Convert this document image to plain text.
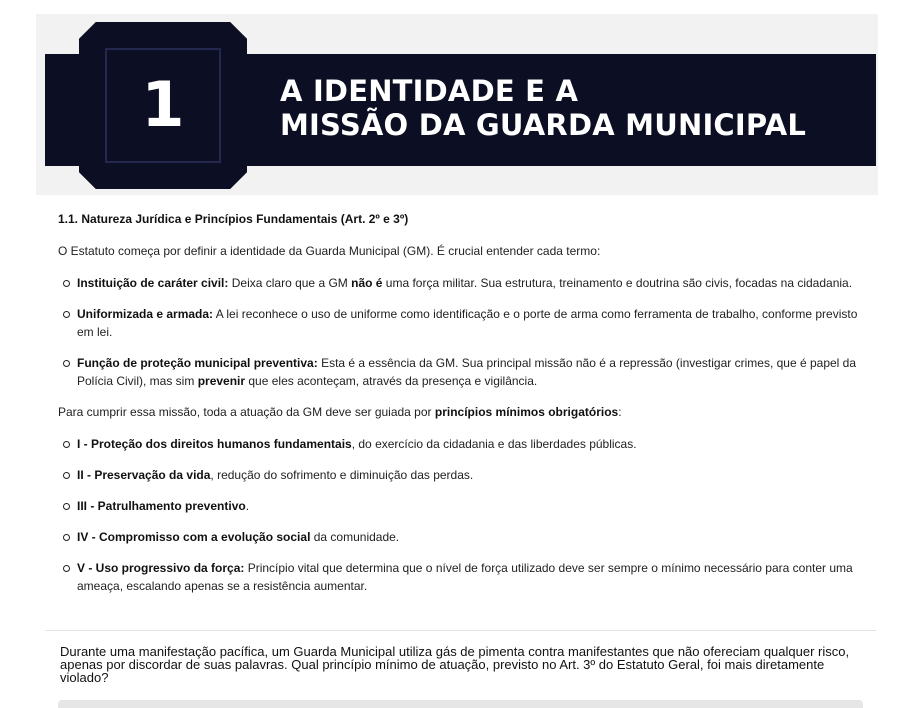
1	A IDENTIDADE E A
MISSÃO DA GUARDA MUNICIPAL
1.1. Natureza Jurídica e Princípios Fundamentais (Art. 2º e 3º)
O Estatuto começa por definir a identidade da Guarda Municipal (GM). É crucial entender cada termo:
Instituição de caráter civil: Deixa claro que a GM não é uma força militar. Sua estrutura, treinamento e doutrina são civis, focadas na cidadania.
Uniformizada e armada: A lei reconhece o uso de uniforme como identificação e o porte de arma como ferramenta de trabalho, conforme previsto em lei.
Função de proteção municipal preventiva: Esta é a essência da GM. Sua principal missão não é a repressão (investigar crimes, que é papel da Polícia Civil), mas sim prevenir que eles aconteçam, através da presença e vigilância.
Para cumprir essa missão, toda a atuação da GM deve ser guiada por princípios mínimos obrigatórios:
I - Proteção dos direitos humanos fundamentais, do exercício da cidadania e das liberdades públicas.
II - Preservação da vida, redução do sofrimento e diminuição das perdas.
III - Patrulhamento preventivo.
IV - Compromisso com a evolução social da comunidade.
V - Uso progressivo da força: Princípio vital que determina que o nível de força utilizado deve ser sempre o mínimo necessário para conter uma ameaça, escalando apenas se a resistência aumentar.
Durante uma manifestação pacífica, um Guarda Municipal utiliza gás de pimenta contra manifestantes que não ofereciam qualquer risco, apenas por discordar de suas palavras. Qual princípio mínimo de atuação, previsto no Art. 3º do Estatuto Geral, foi mais diretamente violado?
